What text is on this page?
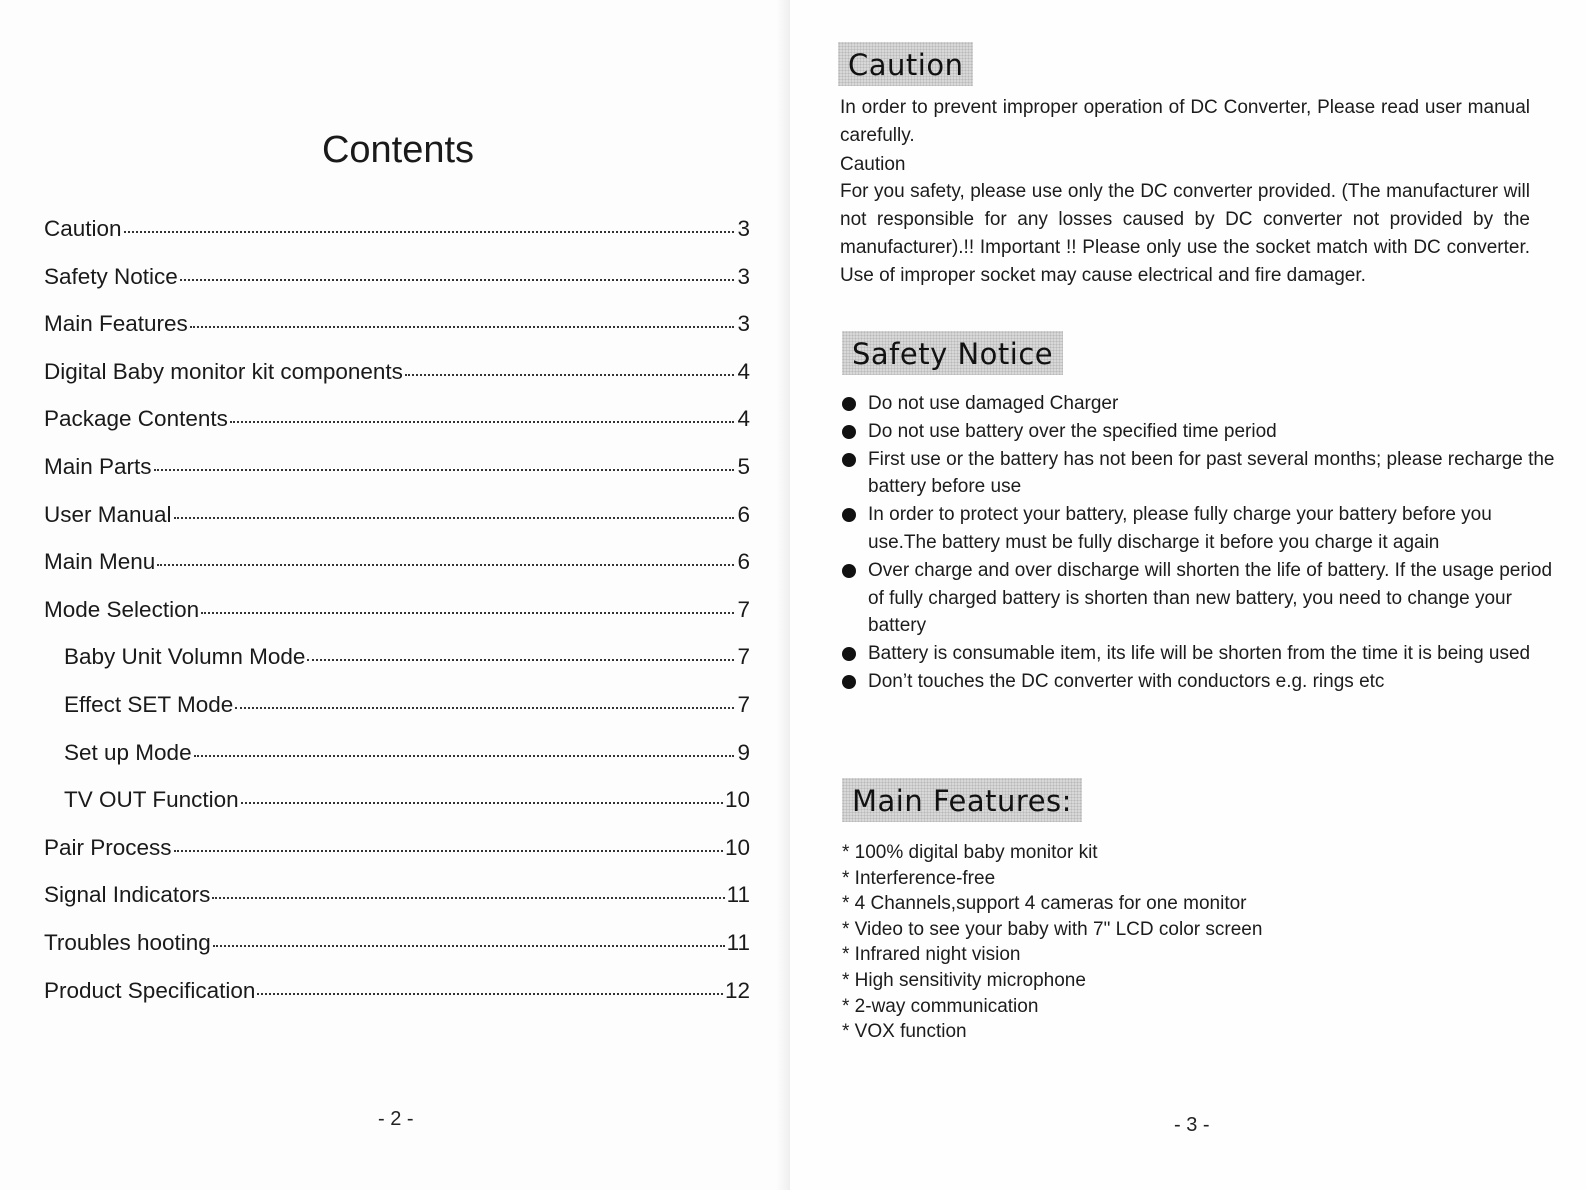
Contents
Caution	3
Safety Notice	3
Main Features	3
Digital Baby monitor kit components	4
Package Contents	4
Main Parts	5
User Manual	6
Main Menu	6
Mode Selection	7
Baby Unit Volumn Mode	7
Effect SET Mode	7
Set up Mode	9
TV OUT Function	10
Pair Process	10
Signal Indicators	11
Troubles hooting	11
Product Specification	12
- 2 -
Caution

In order to prevent improper operation of DC Converter, Please read user manual carefully.

Caution

For you safety, please use only the DC converter provided. (The manufacturer will not responsible for any losses caused by DC converter not provided by the manufacturer).!! Important !! Please only use the socket match with DC converter. Use of improper socket may cause electrical and fire damager.

Safety Notice
Do not use damaged Charger
Do not use battery over the specified time period
First use or the battery has not been for past several months; please recharge the battery before use
In order to protect your battery, please fully charge your battery before you use.The battery must be fully discharge it before you charge it again
Over charge and over discharge will shorten the life of battery. If the usage period of fully charged battery is shorten than new battery, you need to change your battery
Battery is consumable item, its life will be shorten from the time it is being used
Don’t touches the DC converter with conductors e.g. rings etc
Main Features:
* 100% digital baby monitor kit
* Interference-free
* 4 Channels,support 4 cameras for one monitor
* Video to see your baby with 7" LCD color screen
* Infrared night vision
* High sensitivity microphone
* 2-way communication
* VOX function
- 3 -
